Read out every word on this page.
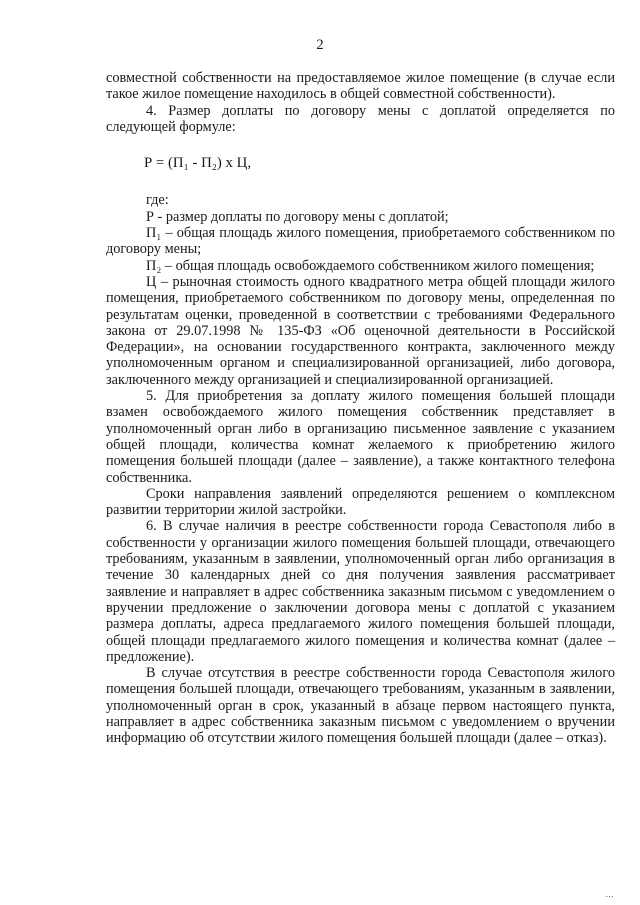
2

совместной собственности на предоставляемое жилое помещение (в случае если такое жилое помещение находилось в общей совместной собственности).

4. Размер доплаты по договору мены с доплатой определяется по следующей формуле:

Р = (П₁ - П₂) х Ц,

где:

Р - размер доплаты по договору мены с доплатой;

П₁ – общая площадь жилого помещения, приобретаемого собственником по договору мены;

П₂ – общая площадь освобождаемого собственником жилого помещения;

Ц – рыночная стоимость одного квадратного метра общей площади жилого помещения, приобретаемого собственником по договору мены, определенная по результатам оценки, проведенной в соответствии с требованиями Федерального закона от 29.07.1998 № 135-ФЗ «Об оценочной деятельности в Российской Федерации», на основании государственного контракта, заключенного между уполномоченным органом и специализированной организацией, либо договора, заключенного между организацией и специализированной организацией.

5. Для приобретения за доплату жилого помещения большей площади взамен освобождаемого жилого помещения собственник представляет в уполномоченный орган либо в организацию письменное заявление с указанием общей площади, количества комнат желаемого к приобретению жилого помещения большей площади (далее – заявление), а также контактного телефона собственника.

Сроки направления заявлений определяются решением о комплексном развитии территории жилой застройки.

6. В случае наличия в реестре собственности города Севастополя либо в собственности у организации жилого помещения большей площади, отвечающего требованиям, указанным в заявлении, уполномоченный орган либо организация в течение 30 календарных дней со дня получения заявления рассматривает заявление и направляет в адрес собственника заказным письмом с уведомлением о вручении предложение о заключении договора мены с доплатой с указанием размера доплаты, адреса предлагаемого жилого помещения большей площади, общей площади предлагаемого жилого помещения и количества комнат (далее – предложение).

В случае отсутствия в реестре собственности города Севастополя жилого помещения большей площади, отвечающего требованиям, указанным в заявлении, уполномоченный орган в срок, указанный в абзаце первом настоящего пункта, направляет в адрес собственника заказным письмом с уведомлением о вручении информацию об отсутствии жилого помещения большей площади (далее – отказ).

...
